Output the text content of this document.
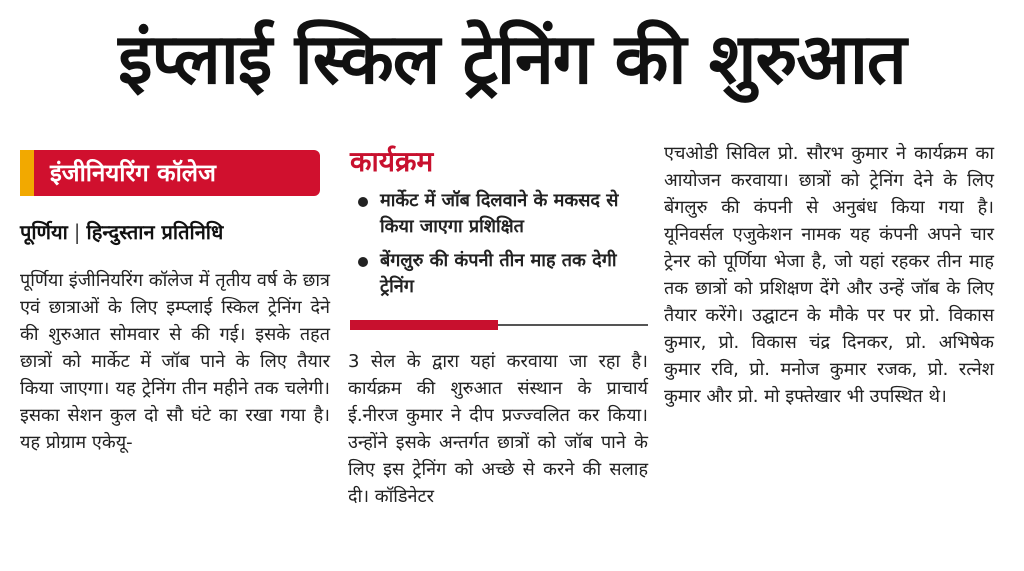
इंप्लाई स्किल ट्रेनिंग की शुरुआत
इंजीनियरिंग कॉलेज
पूर्णिया | हिन्दुस्तान प्रतिनिधि
पूर्णिया इंजीनियरिंग कॉलेज में तृतीय वर्ष के छात्र एवं छात्राओं के लिए इम्प्लाई स्किल ट्रेनिंग देने की शुरुआत सोमवार से की गई। इसके तहत छात्रों को मार्केट में जॉब पाने के लिए तैयार किया जाएगा। यह ट्रेनिंग तीन महीने तक चलेगी। इसका सेशन कुल दो सौ घंटे का रखा गया है। यह प्रोग्राम एकेयू-
कार्यक्रम
मार्केट में जॉब दिलवाने के मकसद से किया जाएगा प्रशिक्षित
बेंगलुरु की कंपनी तीन माह तक देगी ट्रेनिंग
3 सेल के द्वारा यहां करवाया जा रहा है। कार्यक्रम की शुरुआत संस्थान के प्राचार्य ई.नीरज कुमार ने दीप प्रज्ज्वलित कर किया। उन्होंने इसके अन्तर्गत छात्रों को जॉब पाने के लिए इस ट्रेनिंग को अच्छे से करने की सलाह दी। कॉडिनेटर
एचओडी सिविल प्रो. सौरभ कुमार ने कार्यक्रम का आयोजन करवाया। छात्रों को ट्रेनिंग देने के लिए बेंगलुरु की कंपनी से अनुबंध किया गया है। यूनिवर्सल एजुकेशन नामक यह कंपनी अपने चार ट्रेनर को पूर्णिया भेजा है, जो यहां रहकर तीन माह तक छात्रों को प्रशिक्षण देंगे और उन्हें जॉब के लिए तैयार करेंगे। उद्घाटन के मौके पर पर प्रो. विकास कुमार, प्रो. विकास चंद्र दिनकर, प्रो. अभिषेक कुमार रवि, प्रो. मनोज कुमार रजक, प्रो. रत्नेश कुमार और प्रो. मो इफ्तेखार भी उपस्थित थे।
